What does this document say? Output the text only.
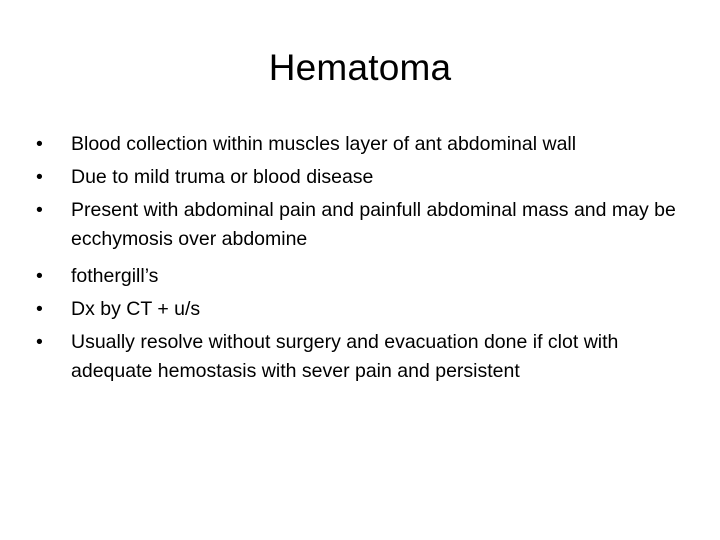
Hematoma
•	Blood collection within muscles layer of ant abdominal wall
•	Due to mild truma or blood disease
•	Present with abdominal pain and painfull abdominal mass and may be ecchymosis over abdomine
•	fothergill’s
•	Dx by CT + u/s
•	Usually resolve without surgery and evacuation done if clot with adequate hemostasis with sever pain and persistent
